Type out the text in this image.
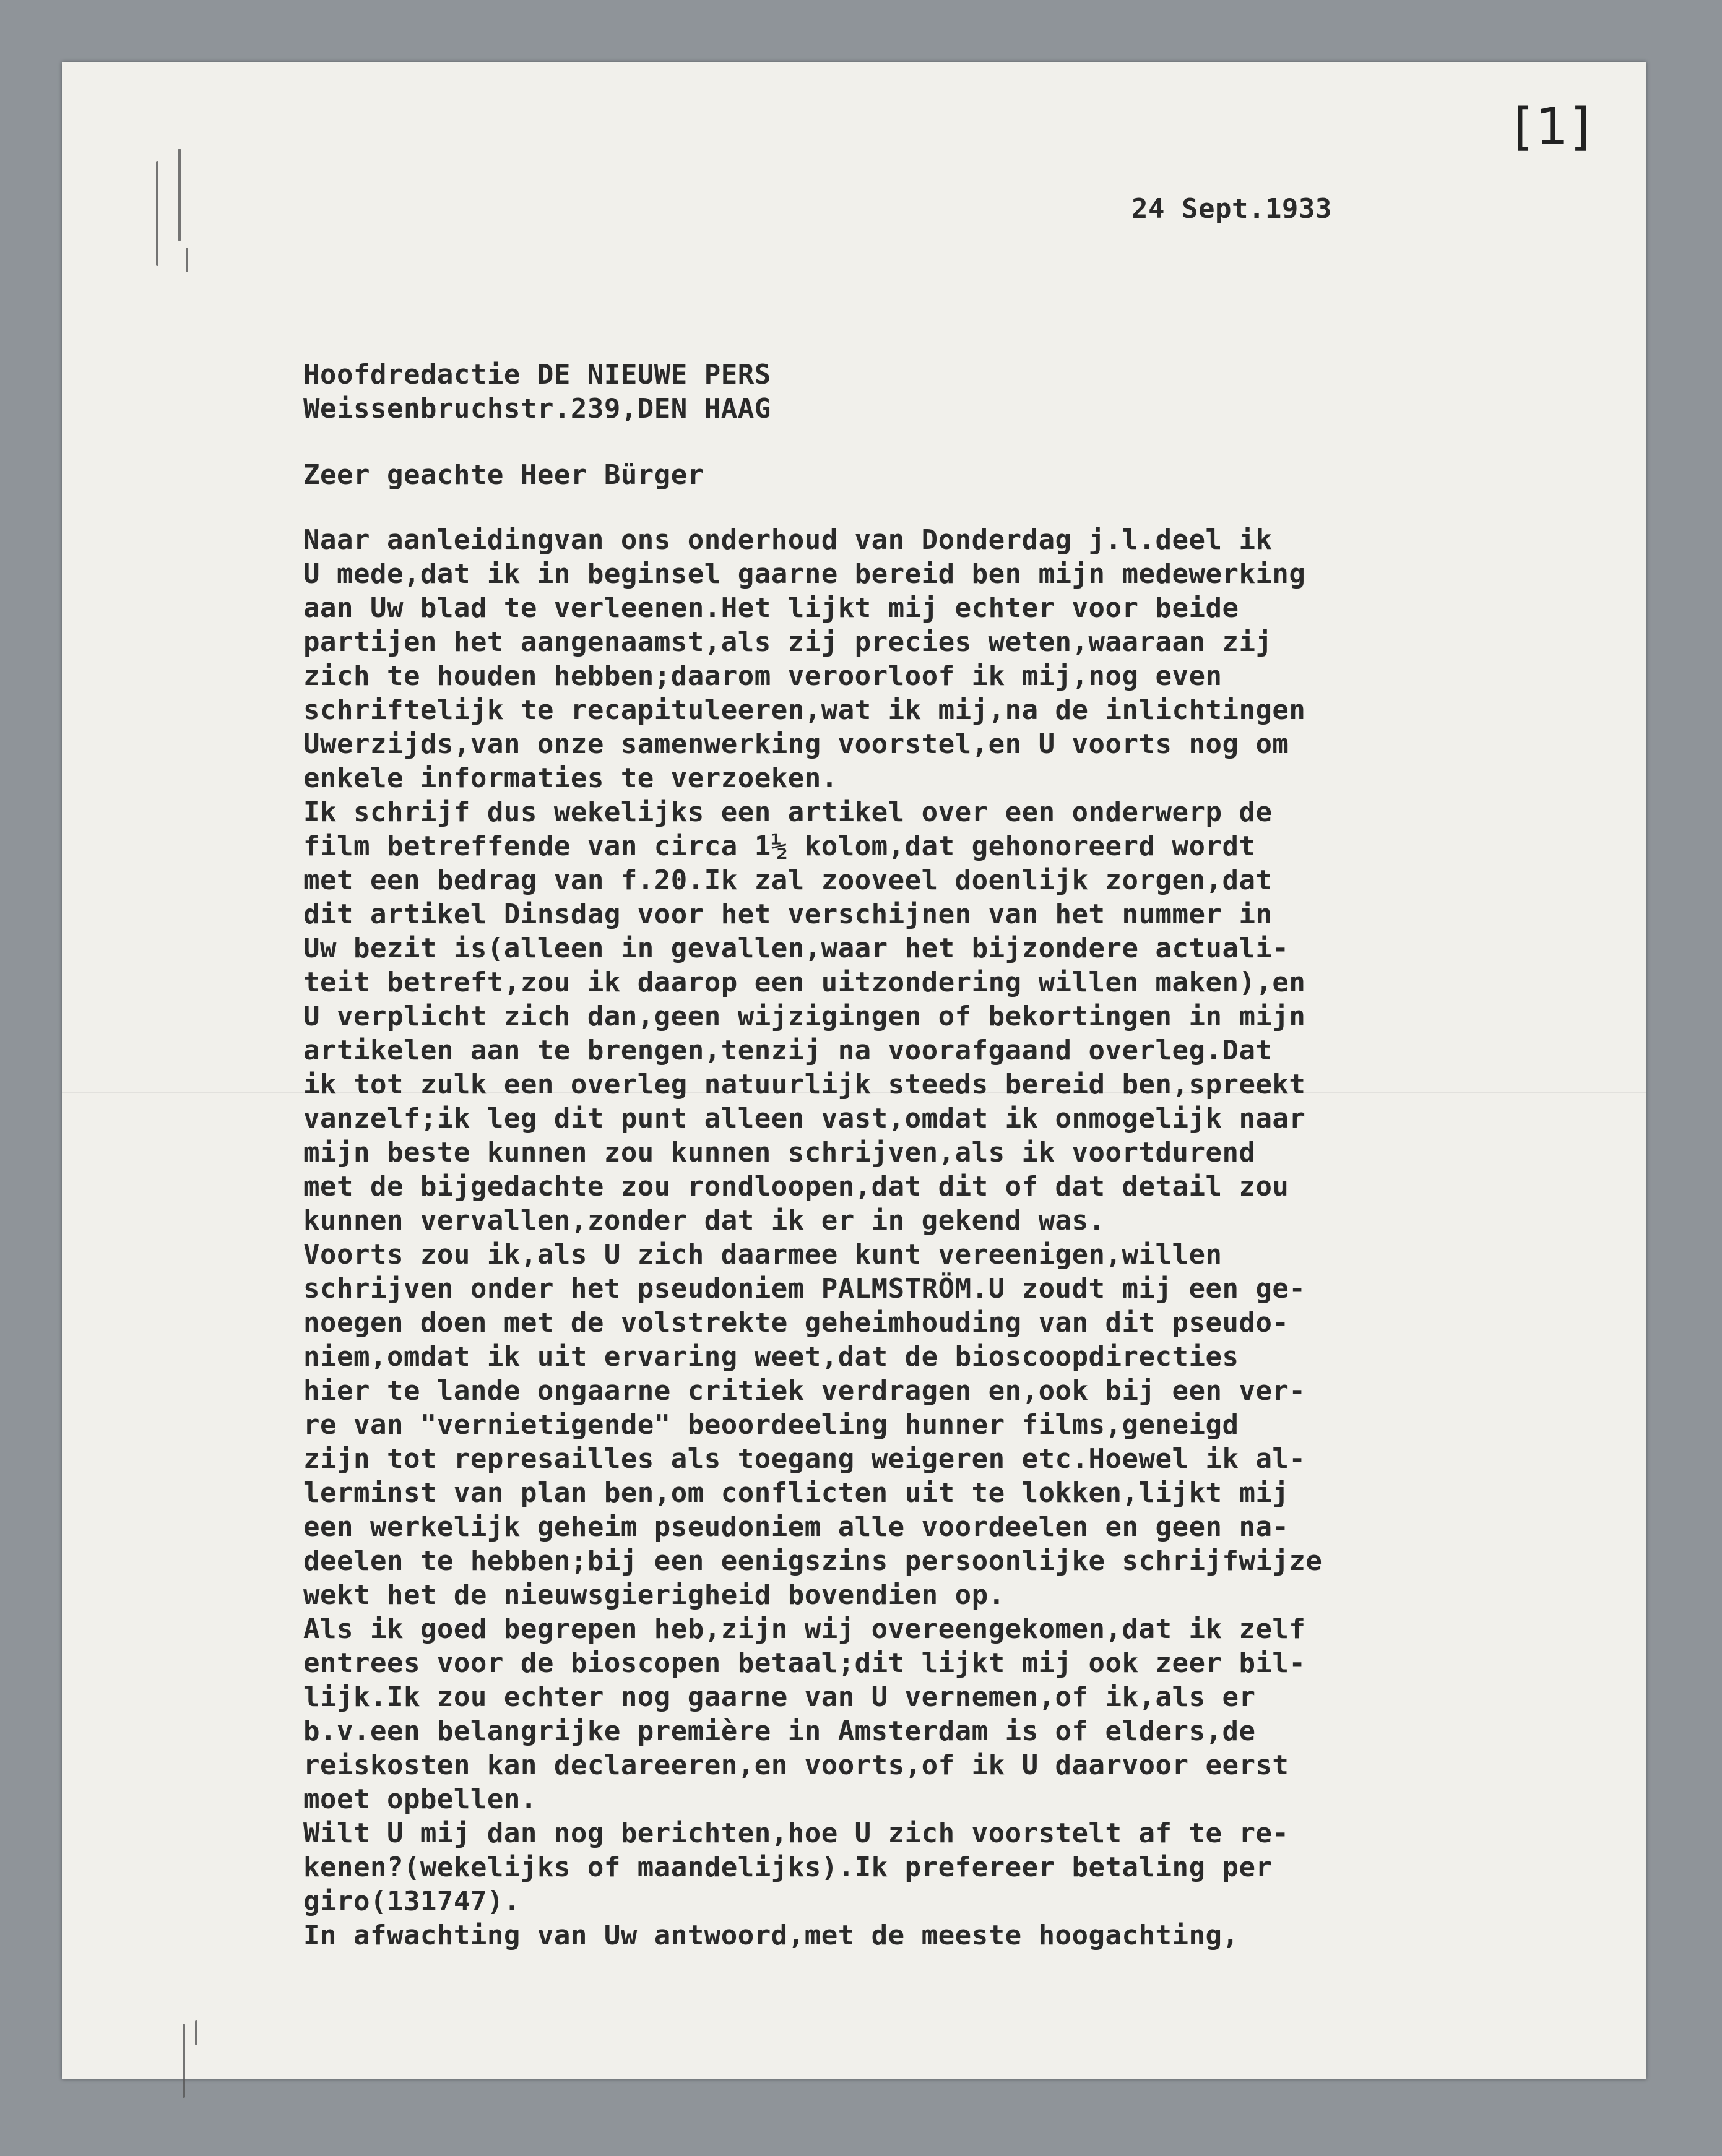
[1]

24 Sept.1933

Hoofdredactie DE NIEUWE PERS

Weissenbruchstr.239,DEN HAAG

Zeer geachte Heer Bürger

Naar aanleidingvan ons onderhoud van Donderdag j.l.deel ik

U mede,dat ik in beginsel gaarne bereid ben mijn medewerking

aan Uw blad te verleenen.Het lijkt mij echter voor beide

partijen het aangenaamst,als zij precies weten,waaraan zij

zich te houden hebben;daarom veroorloof ik mij,nog even

schriftelijk te recapituleeren,wat ik mij,na de inlichtingen

Uwerzijds,van onze samenwerking voorstel,en U voorts nog om

enkele informaties te verzoeken.

Ik schrijf dus wekelijks een artikel over een onderwerp de

film betreffende van circa 1½ kolom,dat gehonoreerd wordt

met een bedrag van f.20.Ik zal zooveel doenlijk zorgen,dat

dit artikel Dinsdag voor het verschijnen van het nummer in

Uw bezit is(alleen in gevallen,waar het bijzondere actuali-

teit betreft,zou ik daarop een uitzondering willen maken),en

U verplicht zich dan,geen wijzigingen of bekortingen in mijn

artikelen aan te brengen,tenzij na voorafgaand overleg.Dat

ik tot zulk een overleg natuurlijk steeds bereid ben,spreekt

vanzelf;ik leg dit punt alleen vast,omdat ik onmogelijk naar

mijn beste kunnen zou kunnen schrijven,als ik voortdurend

met de bijgedachte zou rondloopen,dat dit of dat detail zou

kunnen vervallen,zonder dat ik er in gekend was.

Voorts zou ik,als U zich daarmee kunt vereenigen,willen

schrijven onder het pseudoniem PALMSTRÖM.U zoudt mij een ge-

noegen doen met de volstrekte geheimhouding van dit pseudo-

niem,omdat ik uit ervaring weet,dat de bioscoopdirecties

hier te lande ongaarne critiek verdragen en,ook bij een ver-

re van "vernietigende" beoordeeling hunner films,geneigd

zijn tot represailles als toegang weigeren etc.Hoewel ik al-

lerminst van plan ben,om conflicten uit te lokken,lijkt mij

een werkelijk geheim pseudoniem alle voordeelen en geen na-

deelen te hebben;bij een eenigszins persoonlijke schrijfwijze

wekt het de nieuwsgierigheid bovendien op.

Als ik goed begrepen heb,zijn wij overeengekomen,dat ik zelf

entrees voor de bioscopen betaal;dit lijkt mij ook zeer bil-

lijk.Ik zou echter nog gaarne van U vernemen,of ik,als er

b.v.een belangrijke première in Amsterdam is of elders,de

reiskosten kan declareeren,en voorts,of ik U daarvoor eerst

moet opbellen.

Wilt U mij dan nog berichten,hoe U zich voorstelt af te re-

kenen?(wekelijks of maandelijks).Ik prefereer betaling per

giro(131747).

In afwachting van Uw antwoord,met de meeste hoogachting,
